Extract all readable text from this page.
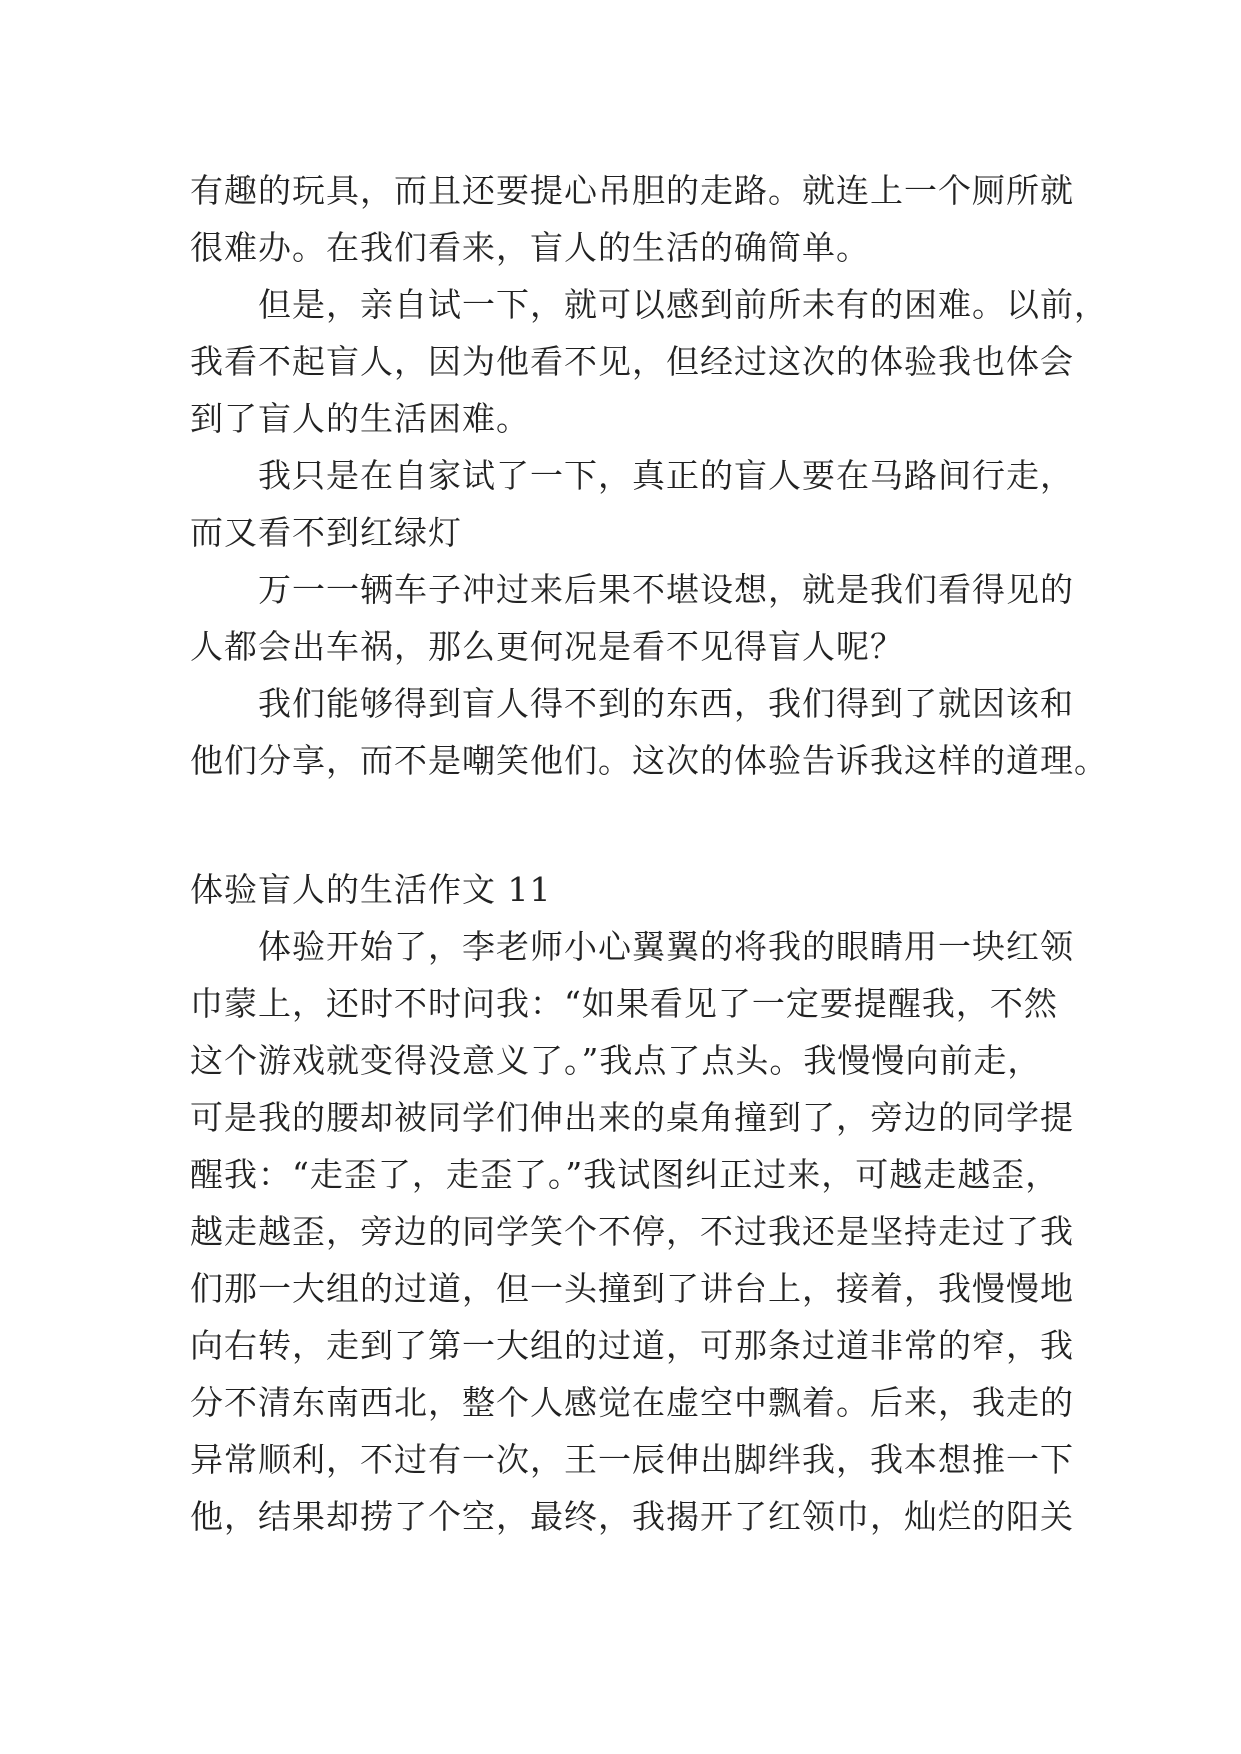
有趣的玩具，而且还要提心吊胆的走路。就连上一个厕所就
很难办。在我们看来，盲人的生活的确简单。

但是，亲自试一下，就可以感到前所未有的困难。以前，
我看不起盲人，因为他看不见，但经过这次的体验我也体会
到了盲人的生活困难。

我只是在自家试了一下，真正的盲人要在马路间行走，
而又看不到红绿灯

万一一辆车子冲过来后果不堪设想，就是我们看得见的
人都会出车祸，那么更何况是看不见得盲人呢？

我们能够得到盲人得不到的东西，我们得到了就因该和
他们分享，而不是嘲笑他们。这次的体验告诉我这样的道理。

体验盲人的生活作文 11

体验开始了，李老师小心翼翼的将我的眼睛用一块红领
巾蒙上，还时不时问我：“如果看见了一定要提醒我，不然
这个游戏就变得没意义了。”我点了点头。我慢慢向前走，
可是我的腰却被同学们伸出来的桌角撞到了，旁边的同学提
醒我：“走歪了，走歪了。”我试图纠正过来，可越走越歪，
越走越歪，旁边的同学笑个不停，不过我还是坚持走过了我
们那一大组的过道，但一头撞到了讲台上，接着，我慢慢地
向右转，走到了第一大组的过道，可那条过道非常的窄，我
分不清东南西北，整个人感觉在虚空中飘着。后来，我走的
异常顺利，不过有一次，王一辰伸出脚绊我，我本想推一下
他，结果却捞了个空，最终，我揭开了红领巾，灿烂的阳关
